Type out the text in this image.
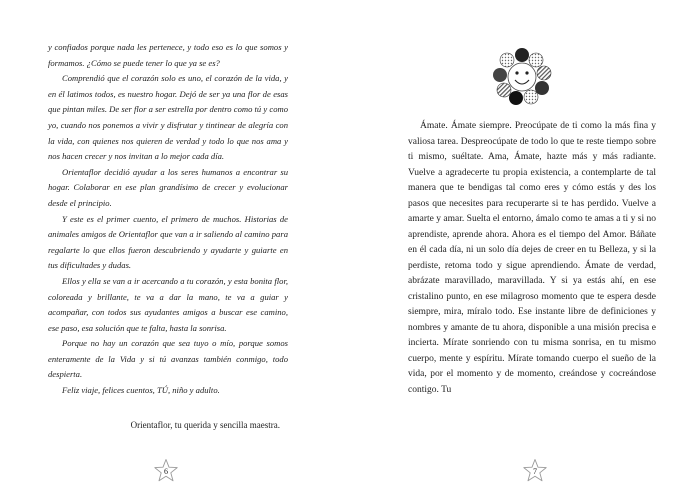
y confiados porque nada les pertenece, y todo eso es lo que somos y formamos. ¿Cómo se puede tener lo que ya se es?

Comprendió que el corazón solo es uno, el corazón de la vida, y en él latimos todos, es nuestro hogar. Dejó de ser ya una flor de esas que pintan miles. De ser flor a ser estrella por dentro como tú y como yo, cuando nos ponemos a vivir y disfrutar y tintinear de alegría con la vida, con quienes nos quieren de verdad y todo lo que nos ama y nos hacen crecer y nos invitan a lo mejor cada día.

Orientaflor decidió ayudar a los seres humanos a encontrar su hogar. Colaborar en ese plan grandísimo de crecer y evolucionar desde el principio.

Y este es el primer cuento, el primero de muchos. Historias de animales amigos de Orientaflor que van a ir saliendo al camino para regalarte lo que ellos fueron descubriendo y ayudarte y guiarte en tus dificultades y dudas.

Ellos y ella se van a ir acercando a tu corazón, y esta bonita flor, coloreada y brillante, te va a dar la mano, te va a guiar y acompañar, con todos sus ayudantes amigos a buscar ese camino, ese paso, esa solución que te falta, hasta la sonrisa.

Porque no hay un corazón que sea tuyo o mío, porque somos enteramente de la Vida y si tú avanzas también conmigo, todo despierta.

Feliz viaje, felices cuentos, TÚ, niño y adulto.

Orientaflor, tu querida y sencilla maestra.
6

Ámate. Ámate siempre. Preocúpate de ti como la más fina y valiosa tarea. Despreocúpate de todo lo que te reste tiempo sobre ti mismo, suéltate. Ama, Ámate, hazte más y más radiante. Vuelve a agradecerte tu propia existencia, a contemplarte de tal manera que te bendigas tal como eres y cómo estás y des los pasos que necesites para recuperarte si te has perdido. Vuelve a amarte y amar. Suelta el entorno, ámalo como te amas a ti y si no aprendiste, aprende ahora. Ahora es el tiempo del Amor. Báñate en él cada día, ni un solo día dejes de creer en tu Belleza, y si la perdiste, retoma todo y sigue aprendiendo. Ámate de verdad, abrázate maravillado, maravillada. Y si ya estás ahí, en ese cristalino punto, en ese milagroso momento que te espera desde siempre, mira, míralo todo. Ese instante libre de definiciones y nombres y amante de tu ahora, disponible a una misión precisa e incierta. Mírate sonriendo con tu misma sonrisa, en tu mismo cuerpo, mente y espíritu. Mírate tomando cuerpo el sueño de la vida, por el momento y de momento, creándose y cocreándose contigo. Tu

7
